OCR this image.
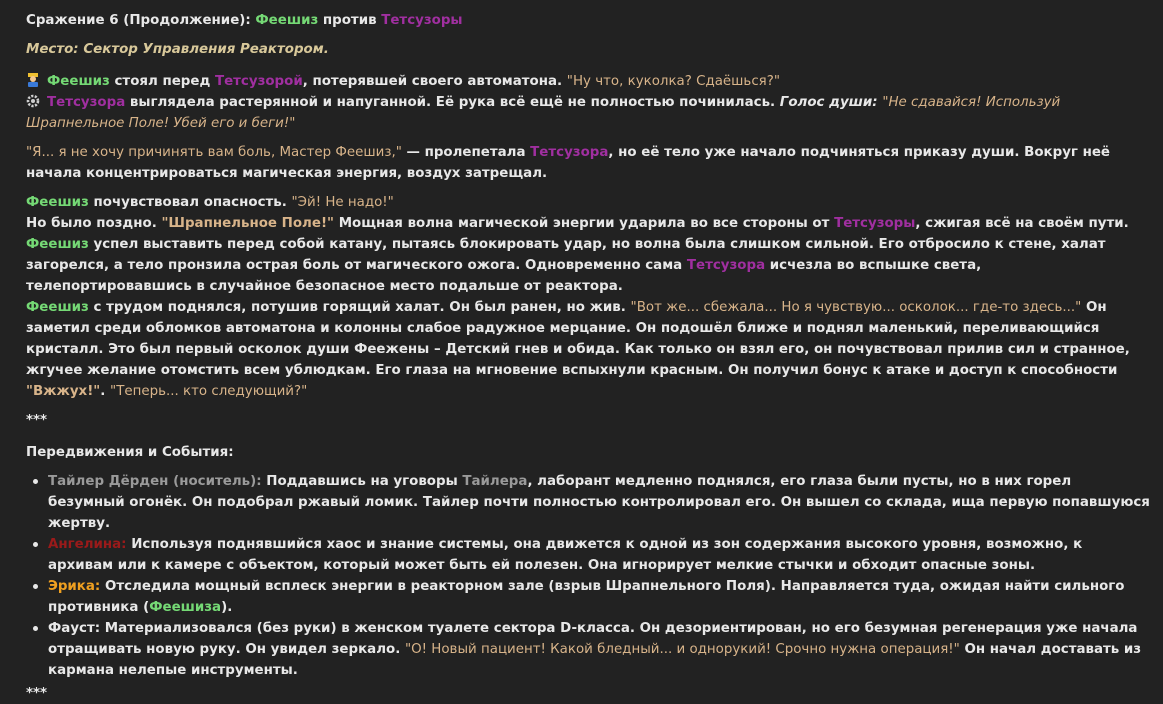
Сражение 6 (Продолжение): Феешиз против Тетсузоры

Место: Сектор Управления Реактором.

Феешиз стоял перед Тетсузорой, потерявшей своего автоматона. "Ну что, куколка? Сдаёшься?"

Тетсузора выглядела растерянной и напуганной. Её рука всё ещё не полностью починилась. Голос души: "Не сдавайся! Используй Шрапнельное Поле! Убей его и беги!"

"Я... я не хочу причинять вам боль, Мастер Феешиз," — пролепетала Тетсузора, но её тело уже начало подчиняться приказу души. Вокруг неё начала концентрироваться магическая энергия, воздух затрещал.

Феешиз почувствовал опасность. "Эй! Не надо!"

Но было поздно. "Шрапнельное Поле!" Мощная волна магической энергии ударила во все стороны от Тетсузоры, сжигая всё на своём пути. Феешиз успел выставить перед собой катану, пытаясь блокировать удар, но волна была слишком сильной. Его отбросило к стене, халат загорелся, а тело пронзила острая боль от магического ожога. Одновременно сама Тетсузора исчезла во вспышке света, телепортировавшись в случайное безопасное место подальше от реактора.

Феешиз с трудом поднялся, потушив горящий халат. Он был ранен, но жив. "Вот же... сбежала... Но я чувствую... осколок... где-то здесь..." Он заметил среди обломков автоматона и колонны слабое радужное мерцание. Он подошёл ближе и поднял маленький, переливающийся кристалл. Это был первый осколок души Феежены – Детский гнев и обида. Как только он взял его, он почувствовал прилив сил и странное, жгучее желание отомстить всем ублюдкам. Его глаза на мгновение вспыхнули красным. Он получил бонус к атаке и доступ к способности "Вжжух!". "Теперь... кто следующий?"

***

Передвижения и События:

Тайлер Дёрден (носитель): Поддавшись на уговоры Тайлера, лаборант медленно поднялся, его глаза были пусты, но в них горел безумный огонёк. Он подобрал ржавый ломик. Тайлер почти полностью контролировал его. Он вышел со склада, ища первую попавшуюся жертву.
Ангелина: Используя поднявшийся хаос и знание системы, она движется к одной из зон содержания высокого уровня, возможно, к архивам или к камере с объектом, который может быть ей полезен. Она игнорирует мелкие стычки и обходит опасные зоны.
Эрика: Отследила мощный всплеск энергии в реакторном зале (взрыв Шрапнельного Поля). Направляется туда, ожидая найти сильного противника (Феешиза).
Фауст: Материализовался (без руки) в женском туалете сектора D-класса. Он дезориентирован, но его безумная регенерация уже начала отращивать новую руку. Он увидел зеркало. "О! Новый пациент! Какой бледный... и однорукий! Срочно нужна операция!" Он начал доставать из кармана нелепые инструменты.

***
